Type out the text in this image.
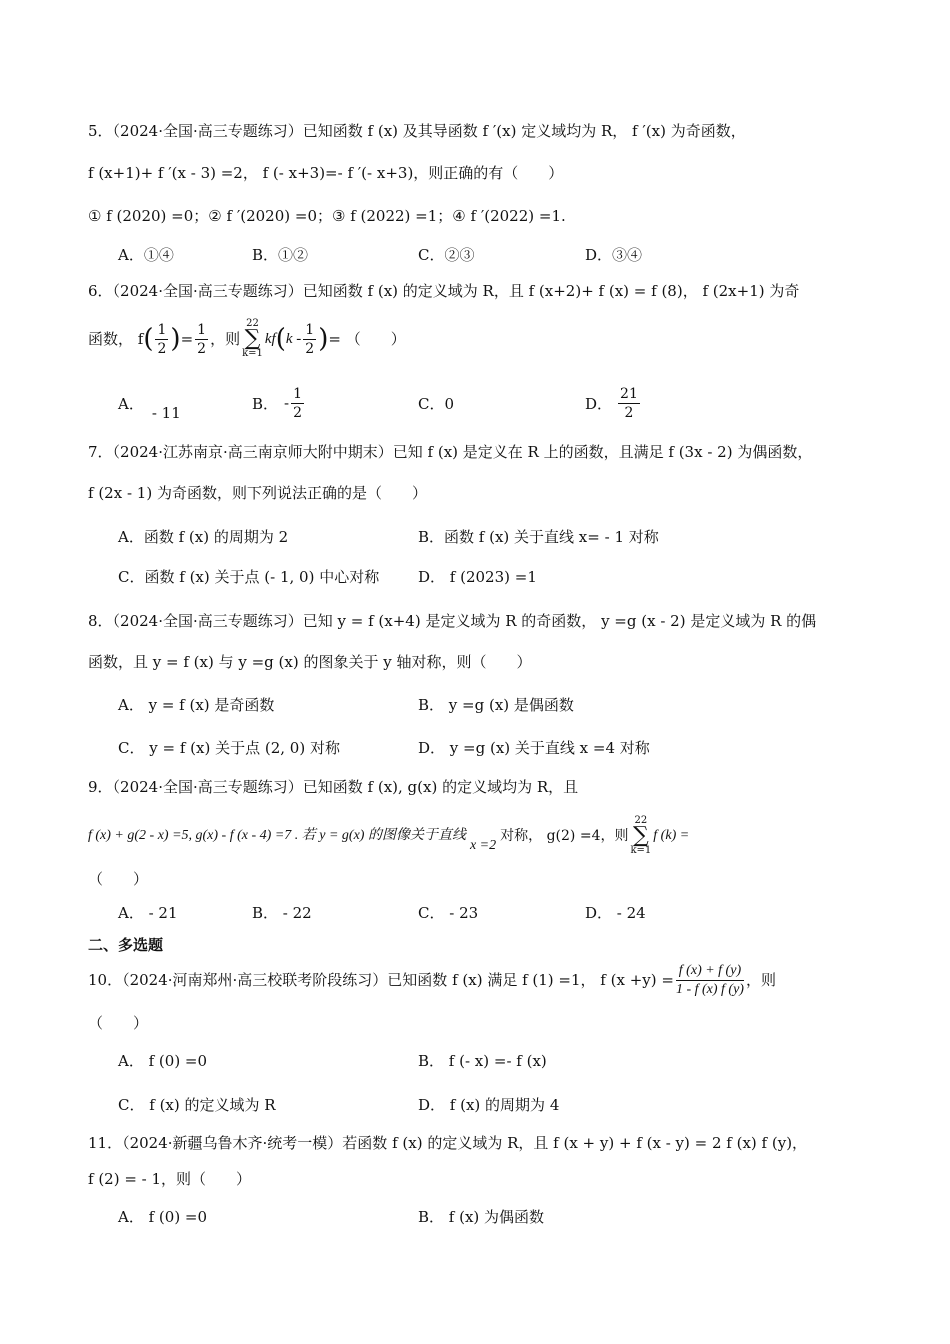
5．（2024·全国·高三专题练习）已知函数 f (x) 及其导函数 f ′(x) 定义域均为 R， f ′(x) 为奇函数，
f (x+1)+ f ′(x - 3) =2， f (- x+3)=- f ′(- x+3)，则正确的有（　　）
① f (2020) =0；② f ′(2020) =0；③ f (2022) =1；④ f ′(2022) =1.
A．①④	B．①②	C．②③	D．③④
6．（2024·全国·高三专题练习）已知函数 f (x) 的定义域为 R，且 f (x+2)+ f (x) = f (8)， f (2x+1) 为奇
函数， f ( $\frac{1}{2}$ ) = $\frac{1}{2}$ ，则
22
∑
k=1
kf ( k - $\frac{1}{2}$ ) = （　　）
A．
- 11
B． - $\frac{1}{2}$	C．0	D． $\frac{21}{2}$
7．（2024·江苏南京·高三南京师大附中期末）已知 f (x) 是定义在 R 上的函数，且满足 f (3x - 2) 为偶函数，
f (2x - 1) 为奇函数，则下列说法正确的是（　　）
A．函数 f (x) 的周期为 2	B．函数 f (x) 关于直线 x= - 1 对称
C．函数 f (x) 关于点 (- 1, 0) 中心对称	D． f (2023) =1
8．（2024·全国·高三专题练习）已知 y = f (x+4) 是定义域为 R 的奇函数， y =g (x - 2) 是定义域为 R 的偶
函数，且 y = f (x) 与 y =g (x) 的图象关于 y 轴对称，则（　　）
A． y = f (x) 是奇函数	B． y =g (x) 是偶函数
C． y = f (x) 关于点 (2, 0) 对称	D． y =g (x) 关于直线 x =4 对称
9．（2024·全国·高三专题练习）已知函数 f (x), g(x) 的定义域均为 R，且
f (x) + g(2 - x) =5, g(x) - f (x - 4) =7 . 若 y = g(x) 的图像关于直线
x =2
对称， g(2) =4，则
22
∑
k=1
f (k) =
（　　）
A． - 21	B． - 22	C． - 23	D． - 24
二、多选题
10．（2024·河南郑州·高三校联考阶段练习）已知函数 f (x) 满足 f (1) =1， f $(x +y) = \frac{f (x) + f (y)}{1 - f (x) f (y)}$ ，则
（　　）
A． f (0) =0	B． f (- x) =- f (x)
C． f (x) 的定义域为 R	D． f (x) 的周期为 4
11．（2024·新疆乌鲁木齐·统考一模）若函数 f (x) 的定义域为 R，且 f (x + y) + f (x - y) = 2 f (x) f (y)，
f (2) = - 1，则（　　）
A． f (0) =0	B． f (x) 为偶函数
